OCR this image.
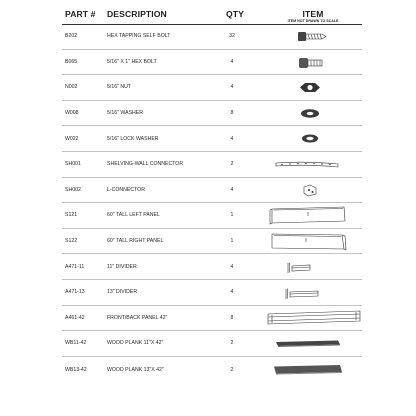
PART # DESCRIPTION	QTY	ITEM
ITEM NOT DRAWN TO SCALE
B202	HEX TAPPING SELF BOLT	32
B065	5/16" X 1" HEX BOLT	4
N002	5/16" NUT	4
W008	5/16" WASHER	8
W022	5/16" LOCK WASHER	4
SH001	SHELVING-WALL CONNECTOR	2
SH002	L-CONNECTOR	4
S121	60" TALL LEFT PANEL	1
S122	60" TALL RIGHT PANEL	1
A471-11	11" DIVIDER	4
A471-13	13" DIVIDER	4
A461-42	FRONT/BACK PANEL 42"	8
WB11-42	WOOD PLANK 11"X 42"	2
WB13-42	WOOD PLANK 13"X 42"	2
